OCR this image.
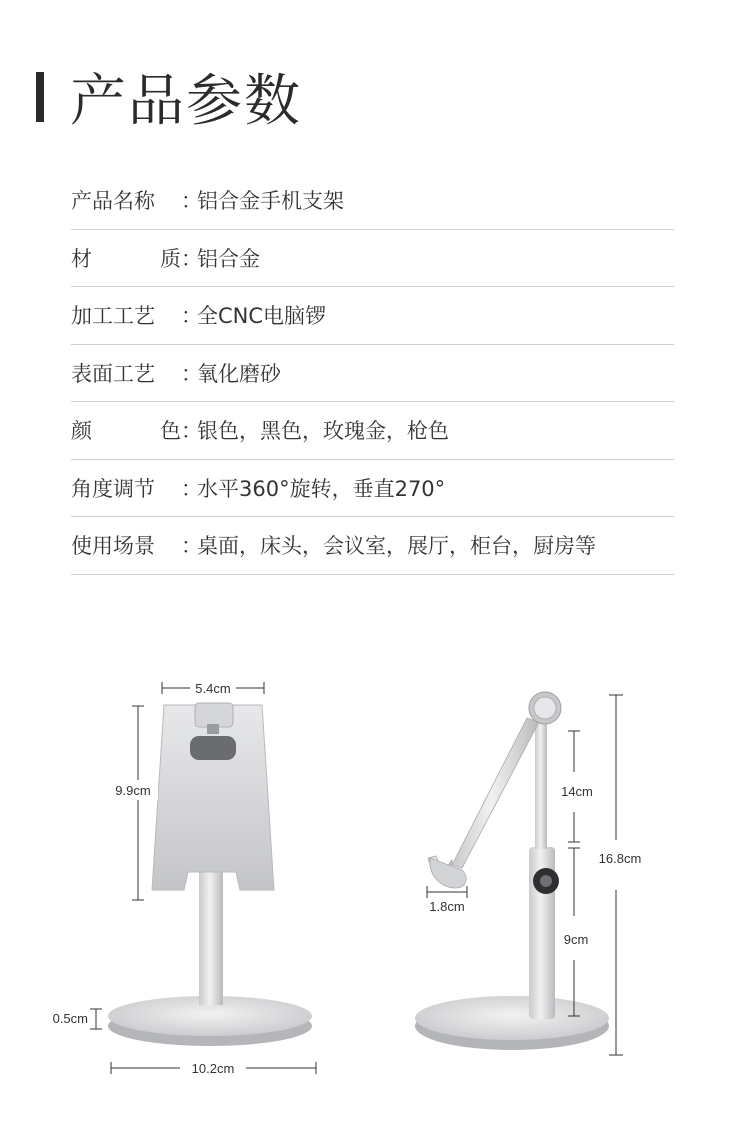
产品参数
产品名称 ：
铝合金手机支架
材	质 ：
铝合金
加工工艺 ：
全CNC电脑锣
表面工艺 ：
氧化磨砂
颜	色 ：
银色，黑色，玫瑰金，枪色
角度调节 ：
水平360°旋转，垂直270°
使用场景 ：
桌面，床头，会议室，展厅，柜台，厨房等
5.4cm
9.9cm
0.5cm
10.2cm
14cm
9cm
16.8cm
1.8cm
